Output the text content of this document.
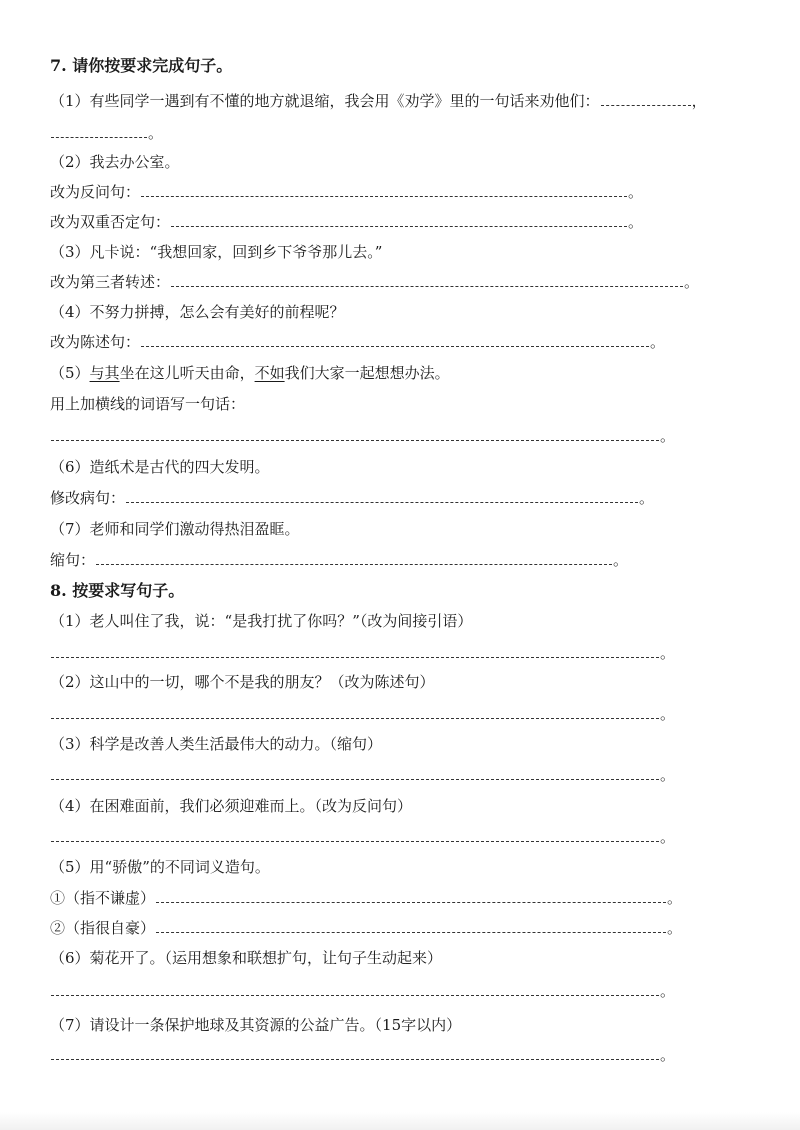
7. 请你按要求完成句子。
（1）有些同学一遇到有不懂的地方就退缩，我会用《劝学》里的一句话来劝他们：	，
。
（2）我去办公室。
改为反问句：	。
改为双重否定句：	。
（3）凡卡说：“我想回家，回到乡下爷爷那儿去。”
改为第三者转述：	。
（4）不努力拼搏，怎么会有美好的前程呢？
改为陈述句：	。
（5）与其坐在这儿听天由命，不如我们大家一起想想办法。
用上加横线的词语写一句话：
。
（6）造纸术是古代的四大发明。
修改病句：	。
（7）老师和同学们激动得热泪盈眶。
缩句：	。
8. 按要求写句子。
（1）老人叫住了我，说：“是我打扰了你吗？”（改为间接引语）
。
（2）这山中的一切，哪个不是我的朋友？（改为陈述句）
。
（3）科学是改善人类生活最伟大的动力。（缩句）
。
（4）在困难面前，我们必须迎难而上。（改为反问句）
。
（5）用“骄傲”的不同词义造句。
①（指不谦虚）	。
②（指很自豪）	。
（6）菊花开了。（运用想象和联想扩句，让句子生动起来）
。
（7）请设计一条保护地球及其资源的公益广告。（15字以内）
。
